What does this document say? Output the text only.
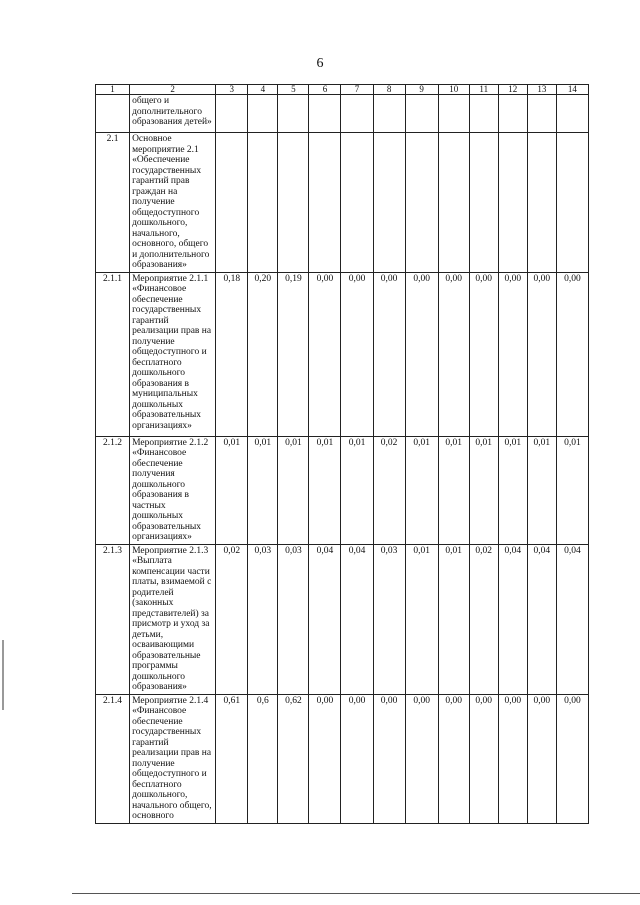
6
1	2	3	4	5	6	7	8	9	10	11	12	13	14
	общего и дополнительного образования детей»												
2.1	Основное мероприятие 2.1 «Обеспечение государственных гарантий прав граждан на получение общедоступного дошкольного, начального, основного, общего и дополнительного образования»												
2.1.1	Мероприятие 2.1.1 «Финансовое обеспечение государственных гарантий реализации прав на получение общедоступного и бесплатного дошкольного образования в муниципальных дошкольных образовательных организациях»	0,18	0,20	0,19	0,00	0,00	0,00	0,00	0,00	0,00	0,00	0,00	0,00
2.1.2	Мероприятие 2.1.2 «Финансовое обеспечение получения дошкольного образования в частных дошкольных образовательных организациях»	0,01	0,01	0,01	0,01	0,01	0,02	0,01	0,01	0,01	0,01	0,01	0,01
2.1.3	Мероприятие 2.1.3 «Выплата компенсации части платы, взимаемой с родителей (законных представителей) за присмотр и уход за детьми, осваивающими образовательные программы дошкольного образования»	0,02	0,03	0,03	0,04	0,04	0,03	0,01	0,01	0,02	0,04	0,04	0,04
2.1.4	Мероприятие 2.1.4 «Финансовое обеспечение государственных гарантий реализации прав на получение общедоступного и бесплатного дошкольного, начального общего, основного	0,61	0,6	0,62	0,00	0,00	0,00	0,00	0,00	0,00	0,00	0,00	0,00
